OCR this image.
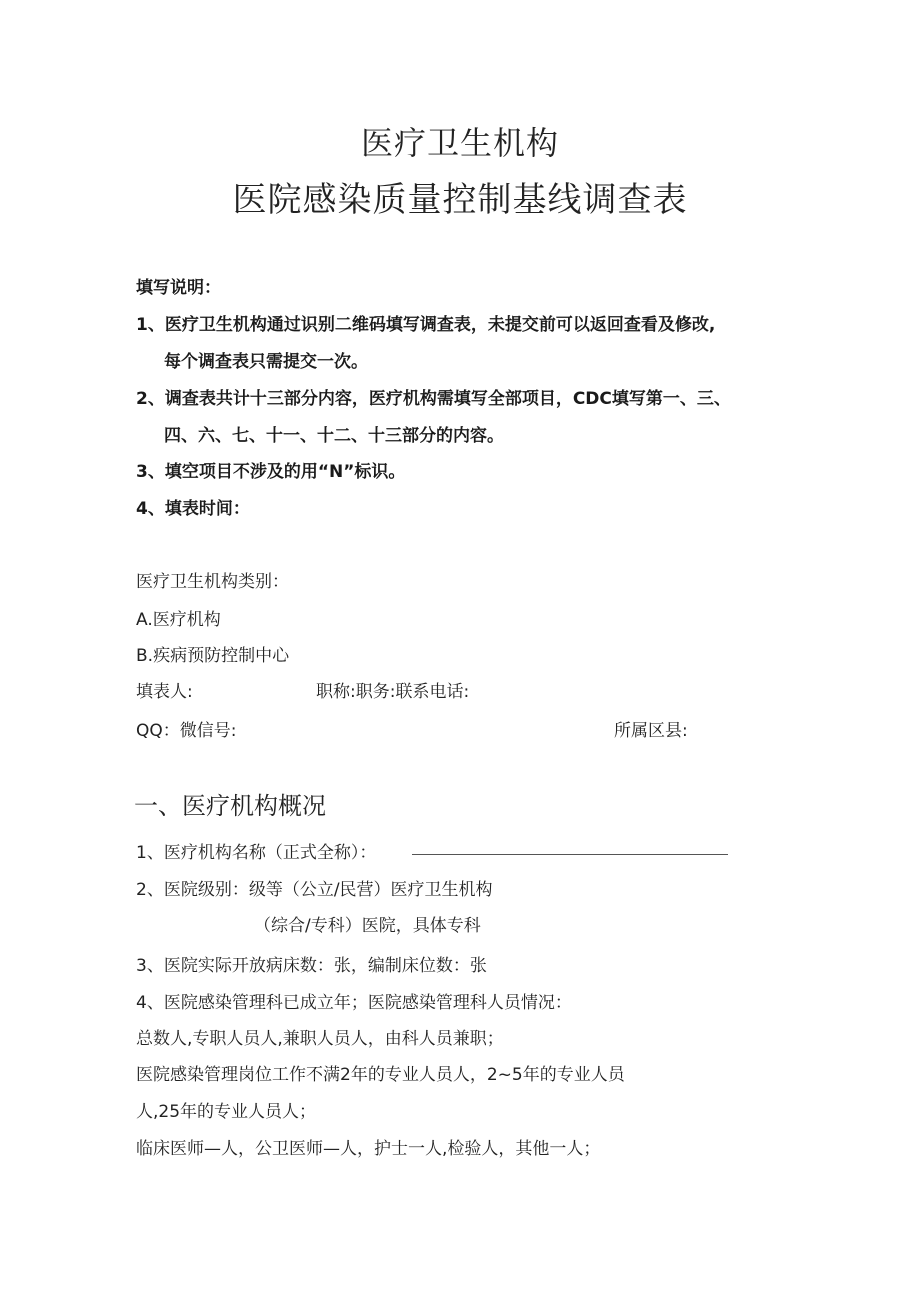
医疗卫生机构
医院感染质量控制基线调查表
填写说明：
1、医疗卫生机构通过识别二维码填写调查表，未提交前可以返回查看及修改,
每个调查表只需提交一次。
2、调查表共计十三部分内容，医疗机构需填写全部项目，CDC填写第一、三、
四、六、七、十一、十二、十三部分的内容。
3、填空项目不涉及的用“N”标识。
4、填表时间：
医疗卫生机构类别：
A.医疗机构
B.疾病预防控制中心
填表人:	职称:职务:联系电话:
QQ：微信号:	所属区县:
一、医疗机构概况
1、医疗机构名称（正式全称）：
2、医院级别：级等（公立/民营）医疗卫生机构
（综合/专科）医院，具体专科
3、医院实际开放病床数：张，编制床位数：张
4、医院感染管理科已成立年；医院感染管理科人员情况：
总数人,专职人员人,兼职人员人，由科人员兼职；
医院感染管理岗位工作不满2年的专业人员人，2~5年的专业人员
人,25年的专业人员人；
临床医师—人，公卫医师—人，护士一人,检验人，其他一人；
